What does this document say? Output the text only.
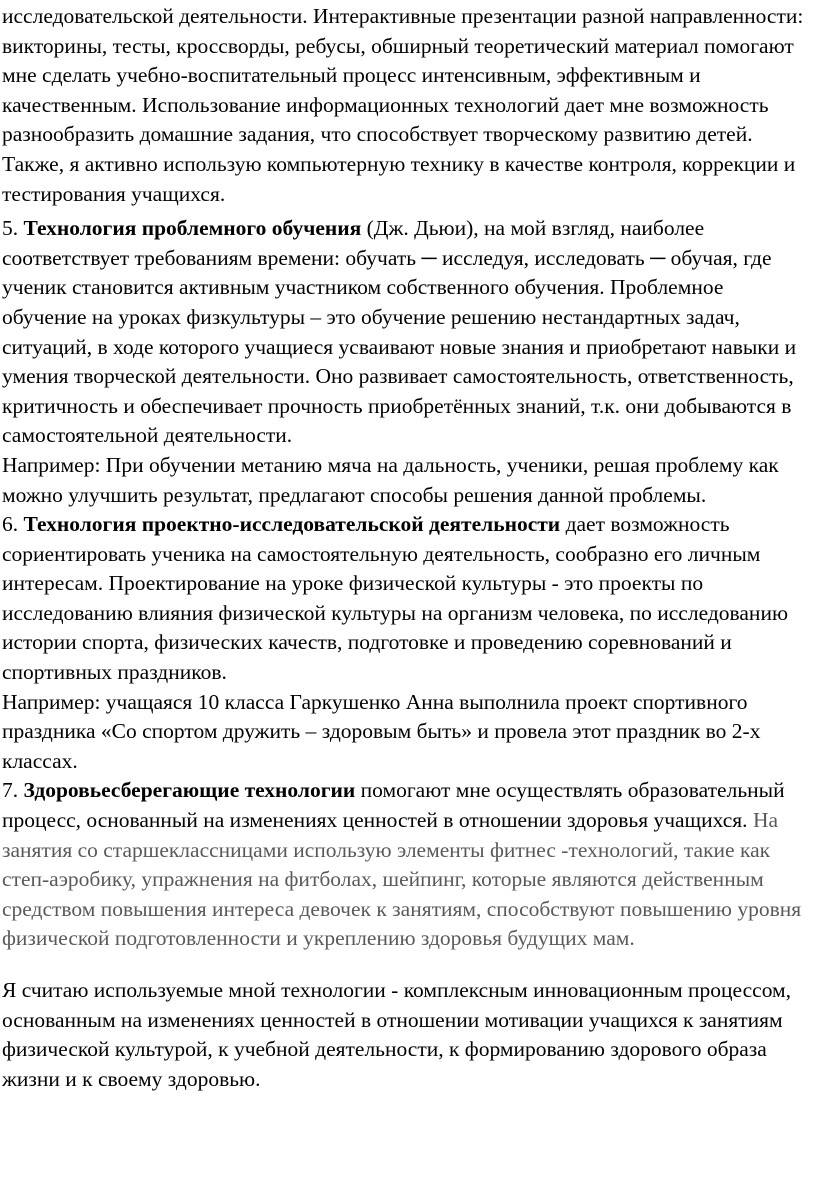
исследовательской деятельности. Интерактивные презентации разной направленности: викторины, тесты, кроссворды, ребусы, обширный теоретический материал помогают мне сделать учебно-воспитательный процесс интенсивным, эффективным и качественным. Использование информационных технологий дает мне возможность разнообразить домашние задания, что способствует творческому развитию детей. Также, я активно использую компьютерную технику в качестве контроля, коррекции и тестирования учащихся.

5. Технология проблемного обучения (Дж. Дьюи), на мой взгляд, наиболее соответствует требованиям времени: обучать ─ исследуя, исследовать ─ обучая, где ученик становится активным участником собственного обучения. Проблемное обучение на уроках физкультуры – это обучение решению нестандартных задач, ситуаций, в ходе которого учащиеся усваивают новые знания и приобретают навыки и умения творческой деятельности. Оно развивает самостоятельность, ответственность, критичность и обеспечивает прочность приобретённых знаний, т.к. они добываются в самостоятельной деятельности.

Например: При обучении метанию мяча на дальность, ученики, решая проблему как можно улучшить результат, предлагают способы решения данной проблемы.

6. Технология проектно-исследовательской деятельности дает возможность сориентировать ученика на самостоятельную деятельность, сообразно его личным интересам. Проектирование на уроке физической культуры - это проекты по исследованию влияния физической культуры на организм человека, по исследованию истории спорта, физических качеств, подготовке и проведению соревнований и спортивных праздников.

Например: учащаяся 10 класса Гаркушенко Анна выполнила проект спортивного праздника «Со спортом дружить – здоровым быть» и провела этот праздник во 2-х классах.

7. Здоровьесберегающие технологии помогают мне осуществлять образовательный процесс, основанный на изменениях ценностей в отношении здоровья учащихся. На занятия со старшеклассницами использую элементы фитнес -технологий, такие как степ-аэробику, упражнения на фитболах, шейпинг, которые являются действенным средством повышения интереса девочек к занятиям, способствуют повышению уровня физической подготовленности и укреплению здоровья будущих мам.

Я считаю используемые мной технологии - комплексным инновационным процессом, основанным на изменениях ценностей в отношении мотивации учащихся к занятиям физической культурой, к учебной деятельности, к формированию здорового образа жизни и к своему здоровью.
